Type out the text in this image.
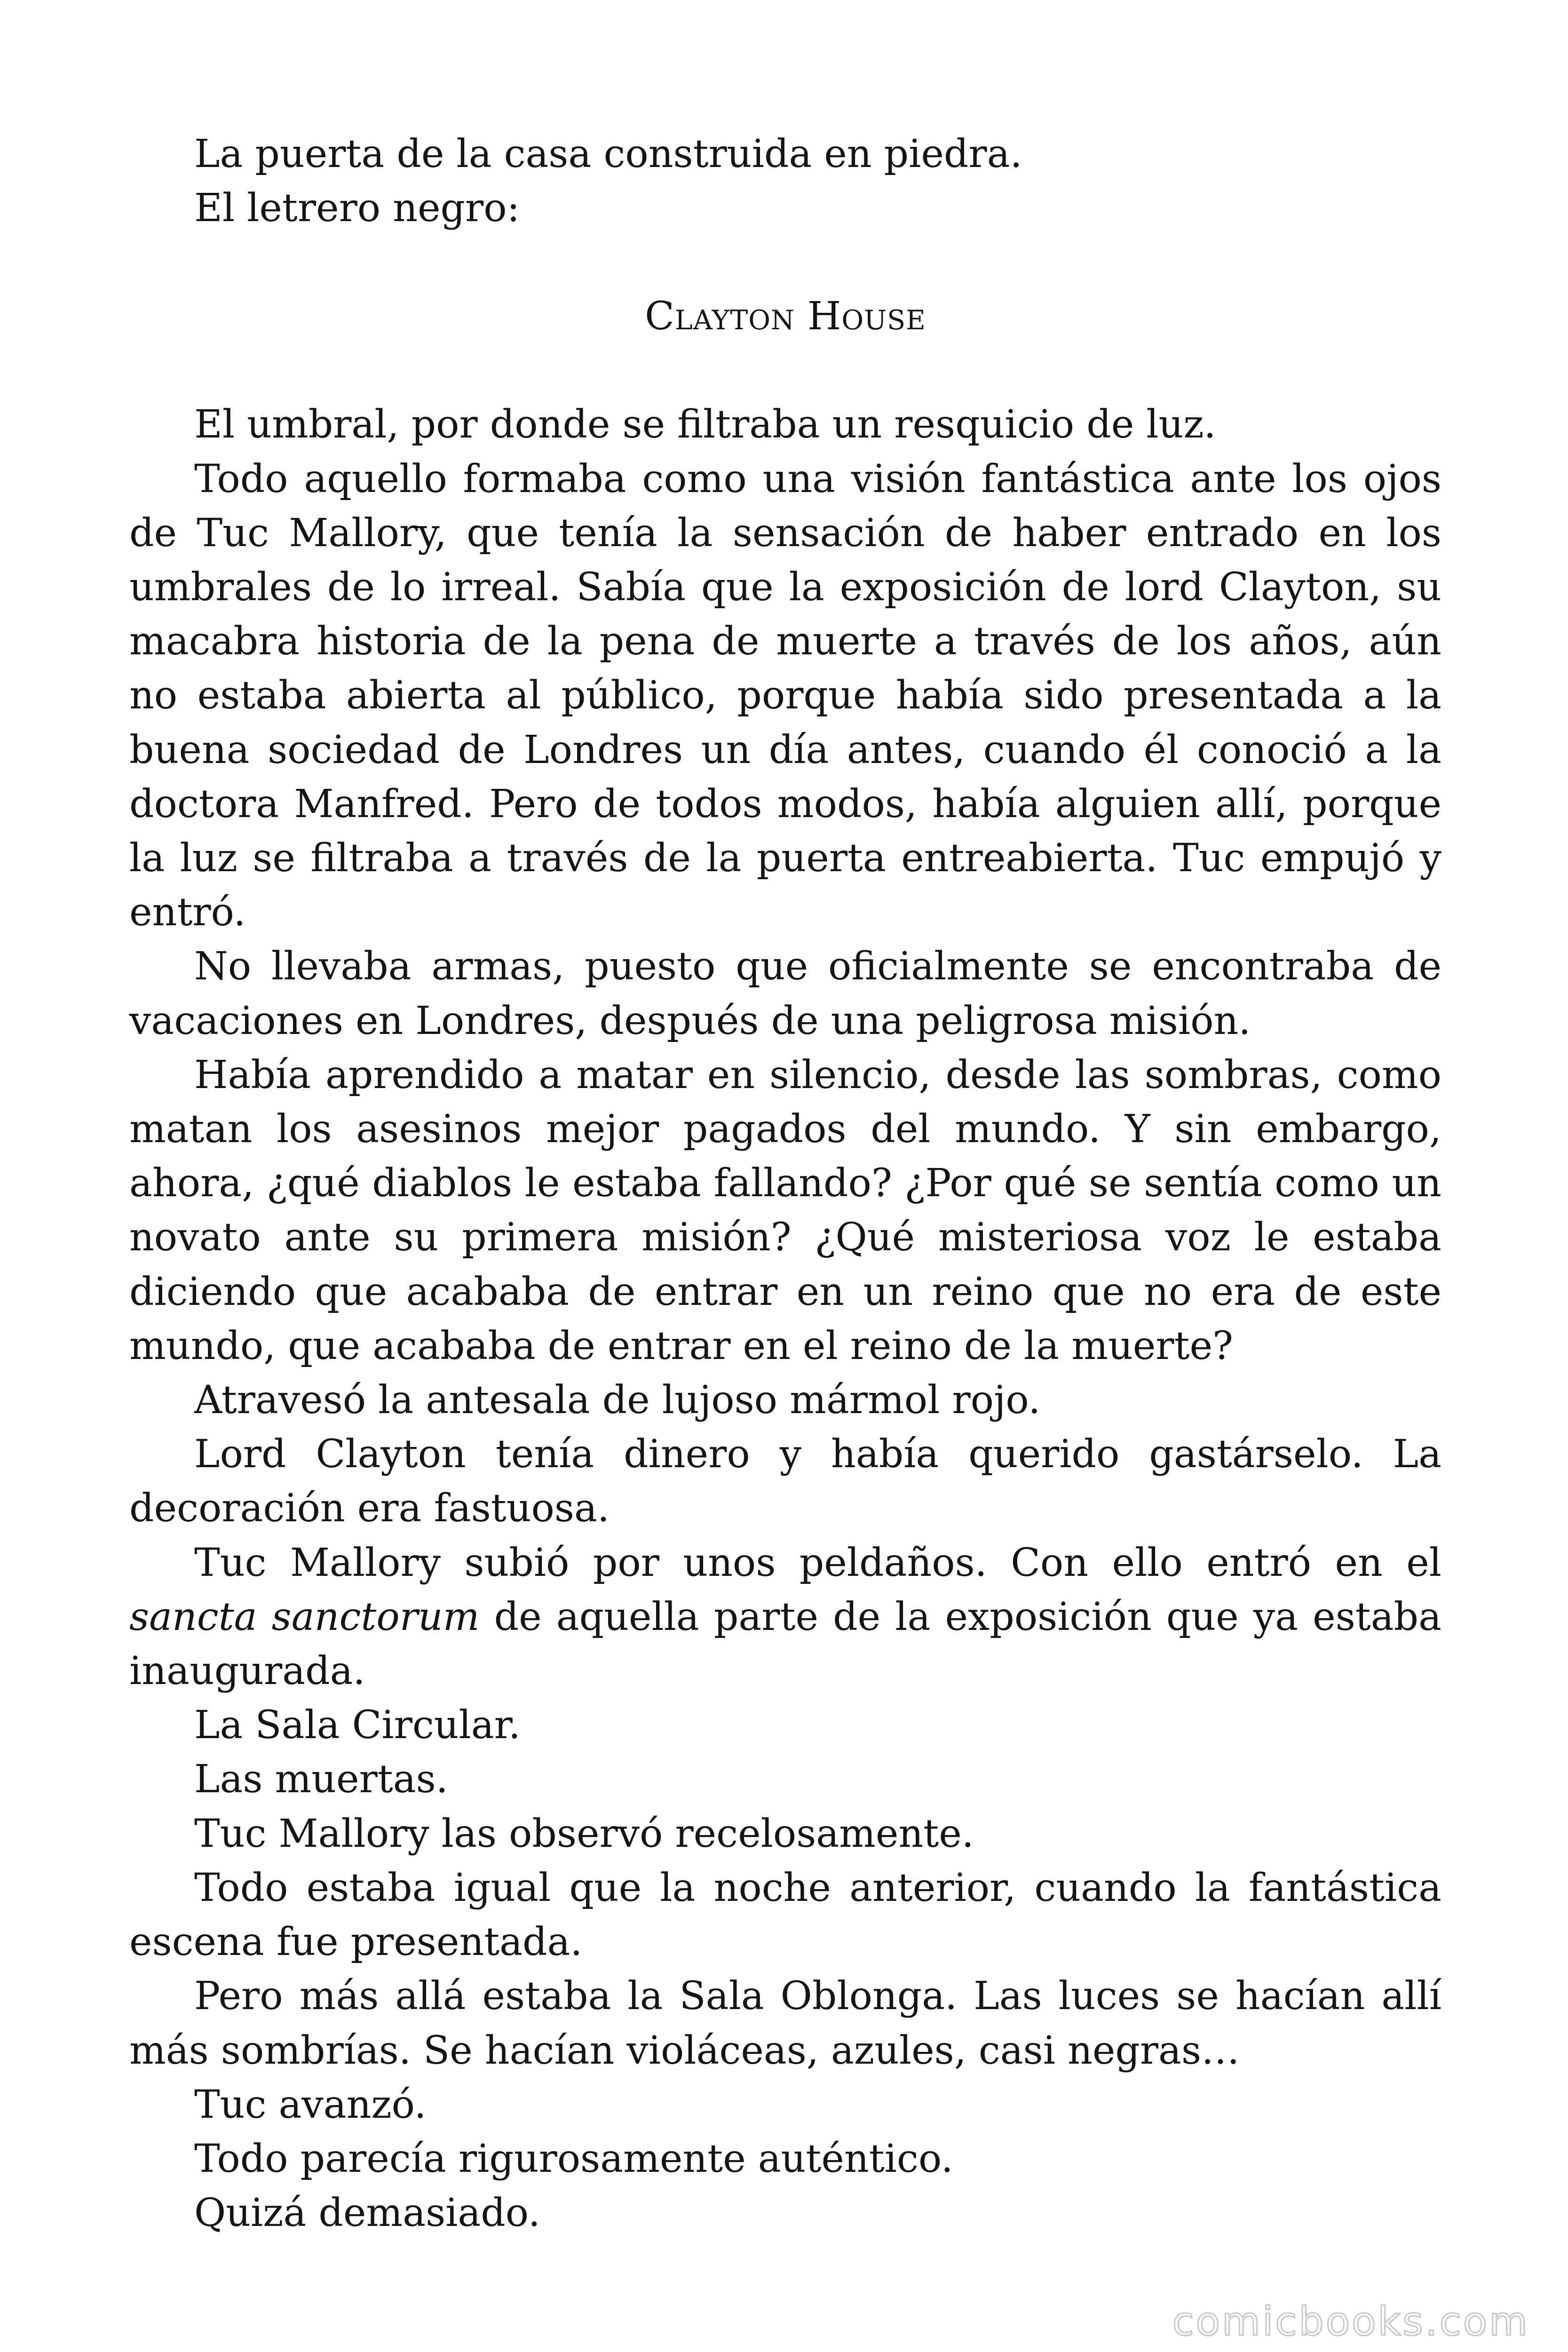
La puerta de la casa construida en piedra.

El letrero negro:

Clayton House

El umbral, por donde se filtraba un resquicio de luz.

Todo aquello formaba como una visión fantástica ante los ojos de Tuc Mallory, que tenía la sensación de haber entrado en los umbrales de lo irreal. Sabía que la exposición de lord Clayton, su macabra historia de la pena de muerte a través de los años, aún no estaba abierta al público, porque había sido presentada a la buena sociedad de Londres un día antes, cuando él conoció a la doctora Manfred. Pero de todos modos, había alguien allí, porque la luz se filtraba a través de la puerta entreabierta. Tuc empujó y entró.

No llevaba armas, puesto que oficialmente se encontraba de vacaciones en Londres, después de una peligrosa misión.

Había aprendido a matar en silencio, desde las sombras, como matan los asesinos mejor pagados del mundo. Y sin embargo, ahora, ¿qué diablos le estaba fallando? ¿Por qué se sentía como un novato ante su primera misión? ¿Qué misteriosa voz le estaba diciendo que acababa de entrar en un reino que no era de este mundo, que acababa de entrar en el reino de la muerte?

Atravesó la antesala de lujoso mármol rojo.

Lord Clayton tenía dinero y había querido gastárselo. La decoración era fastuosa.

Tuc Mallory subió por unos peldaños. Con ello entró en el sancta sanctorum de aquella parte de la exposición que ya estaba inaugurada.

La Sala Circular.

Las muertas.

Tuc Mallory las observó recelosamente.

Todo estaba igual que la noche anterior, cuando la fantástica escena fue presentada.

Pero más allá estaba la Sala Oblonga. Las luces se hacían allí más sombrías. Se hacían violáceas, azules, casi negras…

Tuc avanzó.

Todo parecía rigurosamente auténtico.

Quizá demasiado.

comicbooks.com
